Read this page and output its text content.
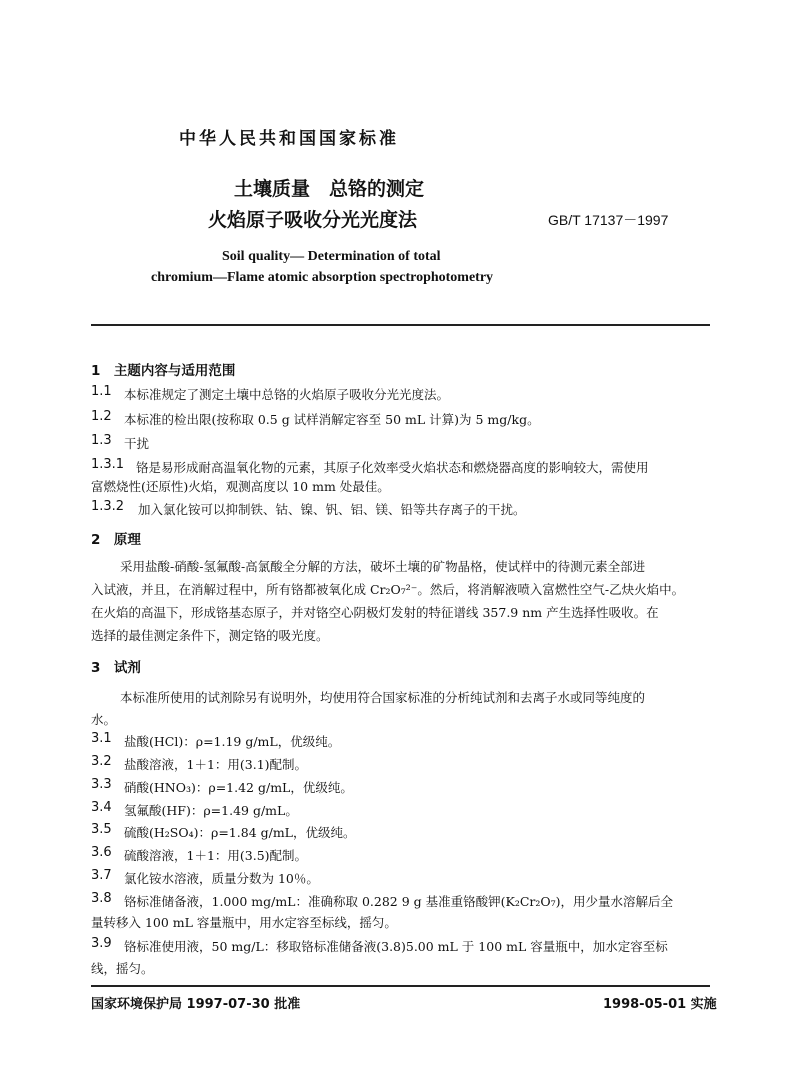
中华人民共和国国家标准
土壤质量　总铬的测定
火焰原子吸收分光光度法	GB/T 17137－1997
Soil quality— Determination of total
chromium—Flame atomic absorption spectrophotometry
1　主题内容与适用范围
1.1 本标准规定了测定土壤中总铬的火焰原子吸收分光光度法。
1.2 本标准的检出限(按称取 0.5 g 试样消解定容至 50 mL 计算)为 5 mg/kg。
1.3 干扰
1.3.1 铬是易形成耐高温氧化物的元素，其原子化效率受火焰状态和燃烧器高度的影响较大，需使用
富燃烧性(还原性)火焰，观测高度以 10 mm 处最佳。
1.3.2 加入氯化铵可以抑制铁、钴、镍、钒、铝、镁、铅等共存离子的干扰。
2　原理
采用盐酸-硝酸-氢氟酸-高氯酸全分解的方法，破坏土壤的矿物晶格，使试样中的待测元素全部进
入试液，并且，在消解过程中，所有铬都被氧化成 Cr₂O₇²⁻。然后，将消解液喷入富燃性空气-乙炔火焰中。
在火焰的高温下，形成铬基态原子，并对铬空心阴极灯发射的特征谱线 357.9 nm 产生选择性吸收。在
选择的最佳测定条件下，测定铬的吸光度。
3　试剂
本标准所使用的试剂除另有说明外，均使用符合国家标准的分析纯试剂和去离子水或同等纯度的
水。
3.1 盐酸(HCl)：ρ=1.19 g/mL，优级纯。
3.2 盐酸溶液，1＋1：用(3.1)配制。
3.3 硝酸(HNO₃)：ρ=1.42 g/mL，优级纯。
3.4 氢氟酸(HF)：ρ=1.49 g/mL。
3.5 硫酸(H₂SO₄)：ρ=1.84 g/mL，优级纯。
3.6 硫酸溶液，1＋1：用(3.5)配制。
3.7 氯化铵水溶液，质量分数为 10％。
3.8 铬标准储备液，1.000 mg/mL：准确称取 0.282 9 g 基准重铬酸钾(K₂Cr₂O₇)，用少量水溶解后全
量转移入 100 mL 容量瓶中，用水定容至标线，摇匀。
3.9 铬标准使用液，50 mg/L：移取铬标准储备液(3.8)5.00 mL 于 100 mL 容量瓶中，加水定容至标
线，摇匀。
国家环境保护局 1997-07-30 批准	1998-05-01 实施
